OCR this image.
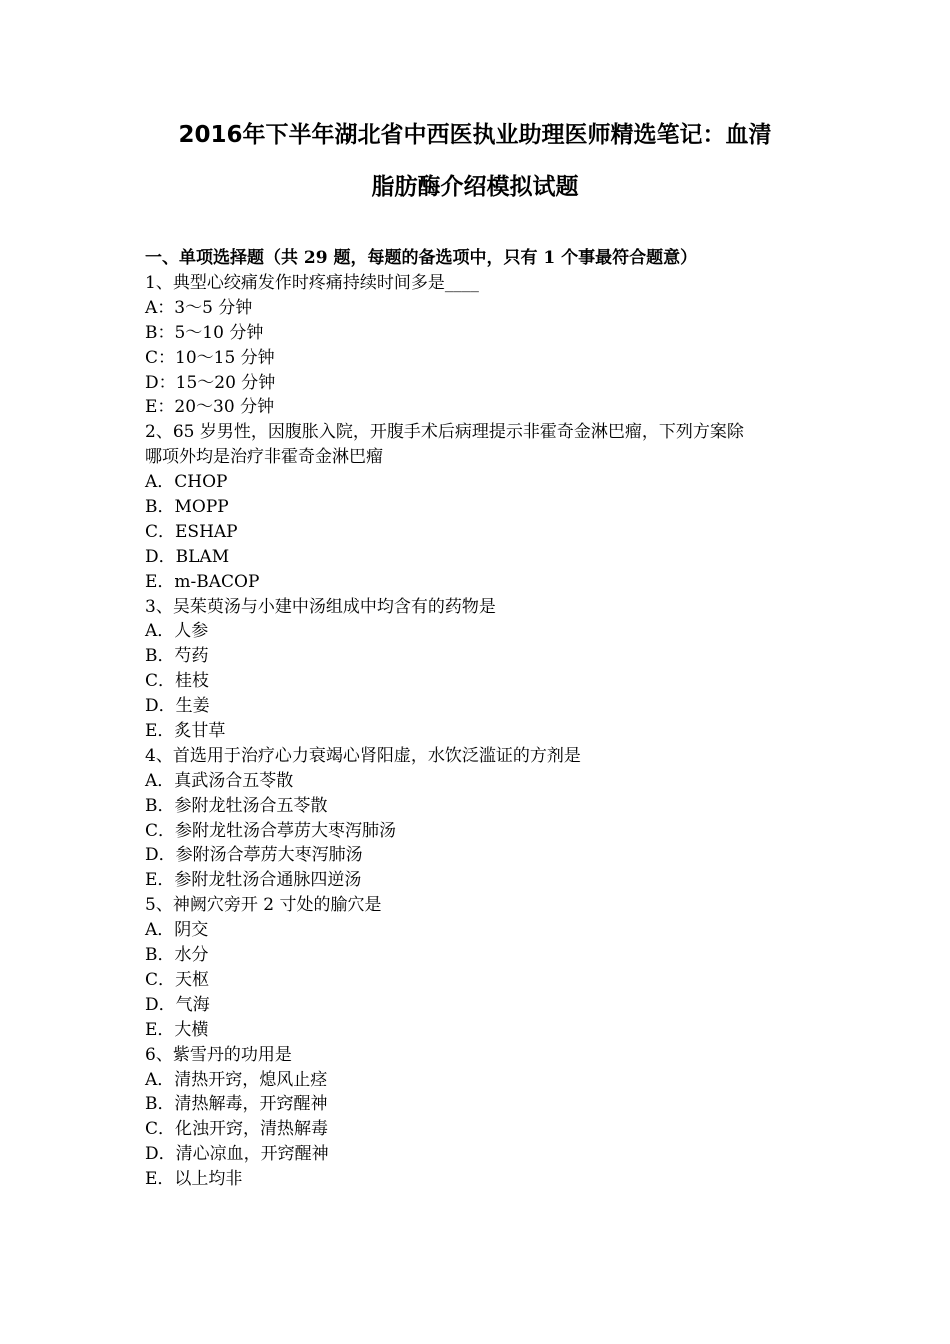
2016年下半年湖北省中西医执业助理医师精选笔记：血清
脂肪酶介绍模拟试题
一、单项选择题（共 29 题，每题的备选项中，只有 1 个事最符合题意）
1、典型心绞痛发作时疼痛持续时间多是____
A：3～5 分钟
B：5～10 分钟
C：10～15 分钟
D：15～20 分钟
E：20～30 分钟
2、65 岁男性，因腹胀入院，开腹手术后病理提示非霍奇金淋巴瘤，下列方案除
哪项外均是治疗非霍奇金淋巴瘤
A．CHOP
B．MOPP
C．ESHAP
D．BLAM
E．m-BACOP
3、吴茱萸汤与小建中汤组成中均含有的药物是
A．人参
B．芍药
C．桂枝
D．生姜
E．炙甘草
4、首选用于治疗心力衰竭心肾阳虚，水饮泛滥证的方剂是
A．真武汤合五苓散
B．参附龙牡汤合五苓散
C．参附龙牡汤合葶苈大枣泻肺汤
D．参附汤合葶苈大枣泻肺汤
E．参附龙牡汤合通脉四逆汤
5、神阙穴旁开 2 寸处的腧穴是
A．阴交
B．水分
C．天枢
D．气海
E．大横
6、紫雪丹的功用是
A．清热开窍，熄风止痉
B．清热解毒，开窍醒神
C．化浊开窍，清热解毒
D．清心凉血，开窍醒神
E．以上均非
